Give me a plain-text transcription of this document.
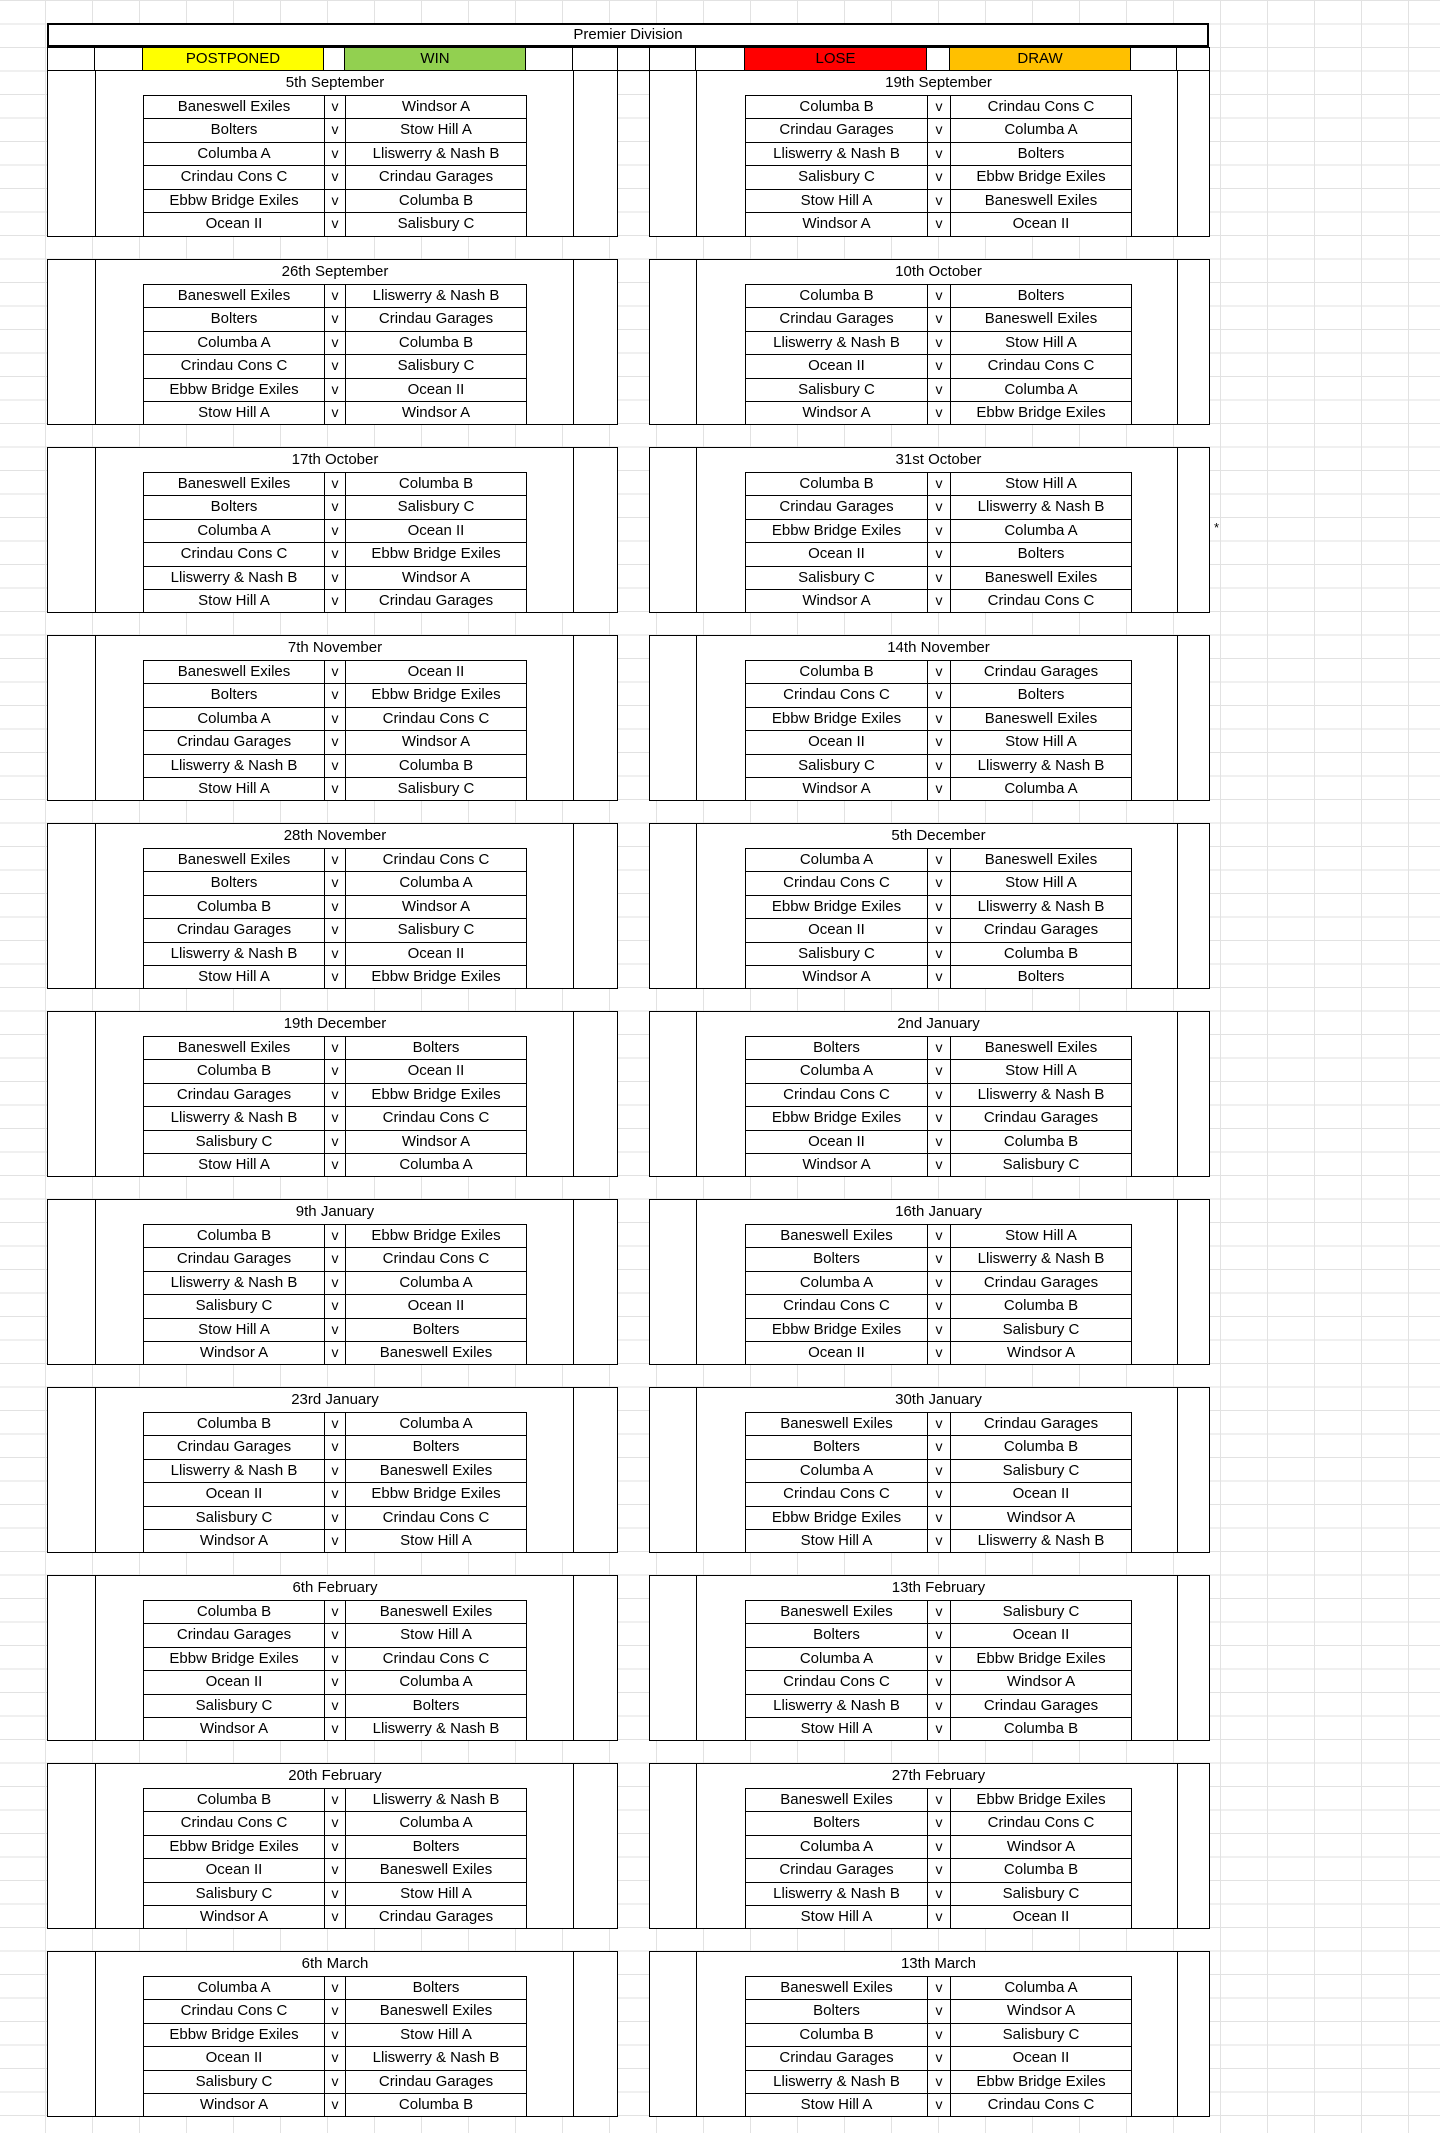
Premier Division
POSTPONED	WIN	LOSE	DRAW
5th September
Baneswell Exiles	v	Windsor A
Bolters	v	Stow Hill A
Columba A	v	Lliswerry & Nash B
Crindau Cons C	v	Crindau Garages
Ebbw Bridge Exiles	v	Columba B
Ocean II	v	Salisbury C
19th September
Columba B	v	Crindau Cons C
Crindau Garages	v	Columba A
Lliswerry & Nash B	v	Bolters
Salisbury C	v	Ebbw Bridge Exiles
Stow Hill A	v	Baneswell Exiles
Windsor A	v	Ocean II
26th September
Baneswell Exiles	v	Lliswerry & Nash B
Bolters	v	Crindau Garages
Columba A	v	Columba B
Crindau Cons C	v	Salisbury C
Ebbw Bridge Exiles	v	Ocean II
Stow Hill A	v	Windsor A
10th October
Columba B	v	Bolters
Crindau Garages	v	Baneswell Exiles
Lliswerry & Nash B	v	Stow Hill A
Ocean II	v	Crindau Cons C
Salisbury C	v	Columba A
Windsor A	v	Ebbw Bridge Exiles
17th October
Baneswell Exiles	v	Columba B
Bolters	v	Salisbury C
Columba A	v	Ocean II
Crindau Cons C	v	Ebbw Bridge Exiles
Lliswerry & Nash B	v	Windsor A
Stow Hill A	v	Crindau Garages
31st October
Columba B	v	Stow Hill A
Crindau Garages	v	Lliswerry & Nash B
Ebbw Bridge Exiles	v	Columba A
Ocean II	v	Bolters
Salisbury C	v	Baneswell Exiles
Windsor A	v	Crindau Cons C
7th November
Baneswell Exiles	v	Ocean II
Bolters	v	Ebbw Bridge Exiles
Columba A	v	Crindau Cons C
Crindau Garages	v	Windsor A
Lliswerry & Nash B	v	Columba B
Stow Hill A	v	Salisbury C
14th November
Columba B	v	Crindau Garages
Crindau Cons C	v	Bolters
Ebbw Bridge Exiles	v	Baneswell Exiles
Ocean II	v	Stow Hill A
Salisbury C	v	Lliswerry & Nash B
Windsor A	v	Columba A
28th November
Baneswell Exiles	v	Crindau Cons C
Bolters	v	Columba A
Columba B	v	Windsor A
Crindau Garages	v	Salisbury C
Lliswerry & Nash B	v	Ocean II
Stow Hill A	v	Ebbw Bridge Exiles
5th December
Columba A	v	Baneswell Exiles
Crindau Cons C	v	Stow Hill A
Ebbw Bridge Exiles	v	Lliswerry & Nash B
Ocean II	v	Crindau Garages
Salisbury C	v	Columba B
Windsor A	v	Bolters
19th December
Baneswell Exiles	v	Bolters
Columba B	v	Ocean II
Crindau Garages	v	Ebbw Bridge Exiles
Lliswerry & Nash B	v	Crindau Cons C
Salisbury C	v	Windsor A
Stow Hill A	v	Columba A
2nd January
Bolters	v	Baneswell Exiles
Columba A	v	Stow Hill A
Crindau Cons C	v	Lliswerry & Nash B
Ebbw Bridge Exiles	v	Crindau Garages
Ocean II	v	Columba B
Windsor A	v	Salisbury C
9th January
Columba B	v	Ebbw Bridge Exiles
Crindau Garages	v	Crindau Cons C
Lliswerry & Nash B	v	Columba A
Salisbury C	v	Ocean II
Stow Hill A	v	Bolters
Windsor A	v	Baneswell Exiles
16th January
Baneswell Exiles	v	Stow Hill A
Bolters	v	Lliswerry & Nash B
Columba A	v	Crindau Garages
Crindau Cons C	v	Columba B
Ebbw Bridge Exiles	v	Salisbury C
Ocean II	v	Windsor A
23rd January
Columba B	v	Columba A
Crindau Garages	v	Bolters
Lliswerry & Nash B	v	Baneswell Exiles
Ocean II	v	Ebbw Bridge Exiles
Salisbury C	v	Crindau Cons C
Windsor A	v	Stow Hill A
30th January
Baneswell Exiles	v	Crindau Garages
Bolters	v	Columba B
Columba A	v	Salisbury C
Crindau Cons C	v	Ocean II
Ebbw Bridge Exiles	v	Windsor A
Stow Hill A	v	Lliswerry & Nash B
6th February
Columba B	v	Baneswell Exiles
Crindau Garages	v	Stow Hill A
Ebbw Bridge Exiles	v	Crindau Cons C
Ocean II	v	Columba A
Salisbury C	v	Bolters
Windsor A	v	Lliswerry & Nash B
13th February
Baneswell Exiles	v	Salisbury C
Bolters	v	Ocean II
Columba A	v	Ebbw Bridge Exiles
Crindau Cons C	v	Windsor A
Lliswerry & Nash B	v	Crindau Garages
Stow Hill A	v	Columba B
20th February
Columba B	v	Lliswerry & Nash B
Crindau Cons C	v	Columba A
Ebbw Bridge Exiles	v	Bolters
Ocean II	v	Baneswell Exiles
Salisbury C	v	Stow Hill A
Windsor A	v	Crindau Garages
27th February
Baneswell Exiles	v	Ebbw Bridge Exiles
Bolters	v	Crindau Cons C
Columba A	v	Windsor A
Crindau Garages	v	Columba B
Lliswerry & Nash B	v	Salisbury C
Stow Hill A	v	Ocean II
6th March
Columba A	v	Bolters
Crindau Cons C	v	Baneswell Exiles
Ebbw Bridge Exiles	v	Stow Hill A
Ocean II	v	Lliswerry & Nash B
Salisbury C	v	Crindau Garages
Windsor A	v	Columba B
13th March
Baneswell Exiles	v	Columba A
Bolters	v	Windsor A
Columba B	v	Salisbury C
Crindau Garages	v	Ocean II
Lliswerry & Nash B	v	Ebbw Bridge Exiles
Stow Hill A	v	Crindau Cons C
*
